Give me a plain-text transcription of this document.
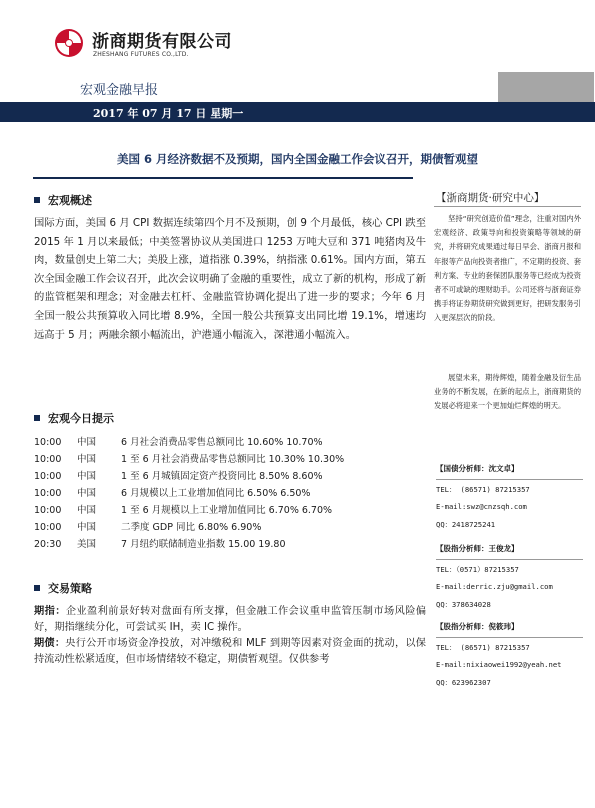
浙商期货有限公司
ZHESHANG FUTURES CO.,LTD.
宏观金融早报
2017 年 07 月 17 日 星期一
美国 6 月经济数据不及预期，国内全国金融工作会议召开，期债暂观望
宏观概述
国际方面，美国 6 月 CPI 数据连续第四个月不及预期，创 9 个月最低，核心 CPI 跌至 2015 年 1 月以来最低；中美签署协议从美国进口 1253 万吨大豆和 371 吨猪肉及牛肉，数量创史上第二大；美股上涨，道指涨 0.39%，纳指涨 0.61%。国内方面，第五次全国金融工作会议召开，此次会议明确了金融的重要性，成立了新的机构，形成了新的监管框架和理念；对金融去杠杆、金融监管协调化提出了进一步的要求；今年 6 月全国一般公共预算收入同比增 8.9%，全国一般公共预算支出同比增 19.1%，增速均远高于 5 月；两融余额小幅流出，沪港通小幅流入，深港通小幅流入。
宏观今日提示
10:00	中国	6 月社会消费品零售总额同比 10.60% 10.70%
10:00	中国	1 至 6 月社会消费品零售总额同比 10.30% 10.30%
10:00	中国	1 至 6 月城镇固定资产投资同比 8.50% 8.60%
10:00	中国	6 月规模以上工业增加值同比 6.50% 6.50%
10:00	中国	1 至 6 月规模以上工业增加值同比 6.70% 6.70%
10:00	中国	二季度 GDP 同比 6.80% 6.90%
20:30	美国	7 月纽约联储制造业指数 15.00 19.80
交易策略
期指：企业盈利前景好转对盘面有所支撑，但金融工作会议重申监管压制市场风险偏好，期指继续分化，可尝试买 IH，卖 IC 操作。
期债：央行公开市场资金净投放，对冲缴税和 MLF 到期等因素对资金面的扰动，以保持流动性松紧适度，但市场情绪较不稳定，期债暂观望。仅供参考
【浙商期货·研究中心】

坚持“研究创造价值”理念，注重对国内外宏观经济、政策导向和投资策略等领域的研究，并将研究成果通过每日早会、浙商月报和年报等产品向投资者推广，不定期的投资、套利方案、专业的套保团队服务等已经成为投资者不可或缺的理财助手。公司还将与浙商证券携手将证券期货研究做到更好，把研发服务引入更深层次的阶段。

展望未来，期待辉煌，随着金融及衍生品业务的不断发展，在新的起点上，浙商期货的发展必将迎来一个更加灿烂辉煌的明天。

【国债分析师：沈文卓】
TEL： (86571) 87215357
E-mail:swz@cnzsqh.com
QQ：2418725241
【股指分析师：王俊龙】
TEL：（0571）87215357
E-mail:derric.zju@gmail.com
QQ：378634028
【股指分析师：倪筱玮】
TEL： (86571) 87215357
E-mail:nixiaowei1992@yeah.net
QQ：623962307
